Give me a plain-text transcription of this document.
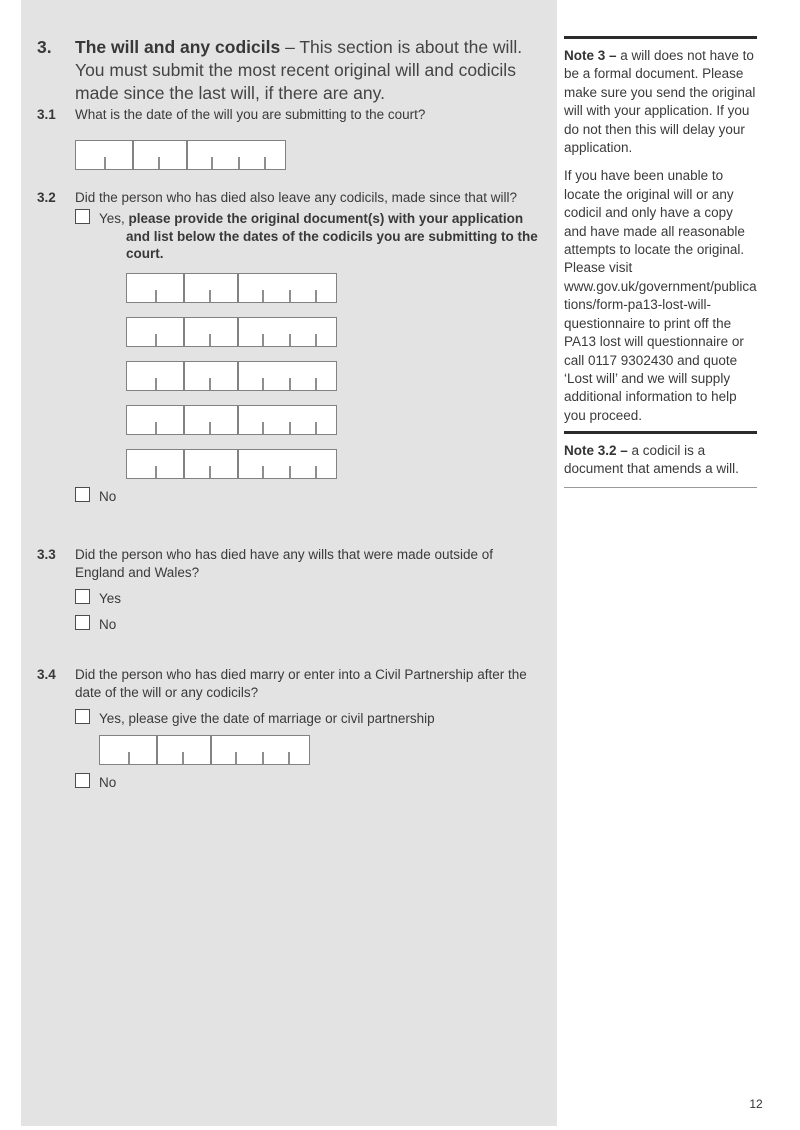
3.	The will and any codicils – This section is about the will. You must submit the most recent original will and codicils made since the last will, if there are any.
3.1	What is the date of the will you are submitting to the court?
3.2	Did the person who has died also leave any codicils, made since that will?
Yes, please provide the original document(s) with your application and list below the dates of the codicils you are submitting to the court.
No
3.3	Did the person who has died have any wills that were made outside of England and Wales?
Yes
No
3.4	Did the person who has died marry or enter into a Civil Partnership after the date of the will or any codicils?
Yes, please give the date of marriage or civil partnership
No

Note 3 – a will does not have to be a formal document. Please make sure you send the original will with your application. If you do not then this will delay your application.

If you have been unable to locate the original will or any codicil and only have a copy and have made all reasonable attempts to locate the original. Please visit www.gov.uk/government/publications/form-pa13-lost-will-questionnaire to print off the PA13 lost will questionnaire or call 0117 9302430 and quote ‘Lost will’ and we will supply additional information to help you proceed.

Note 3.2 – a codicil is a document that amends a will.

12
